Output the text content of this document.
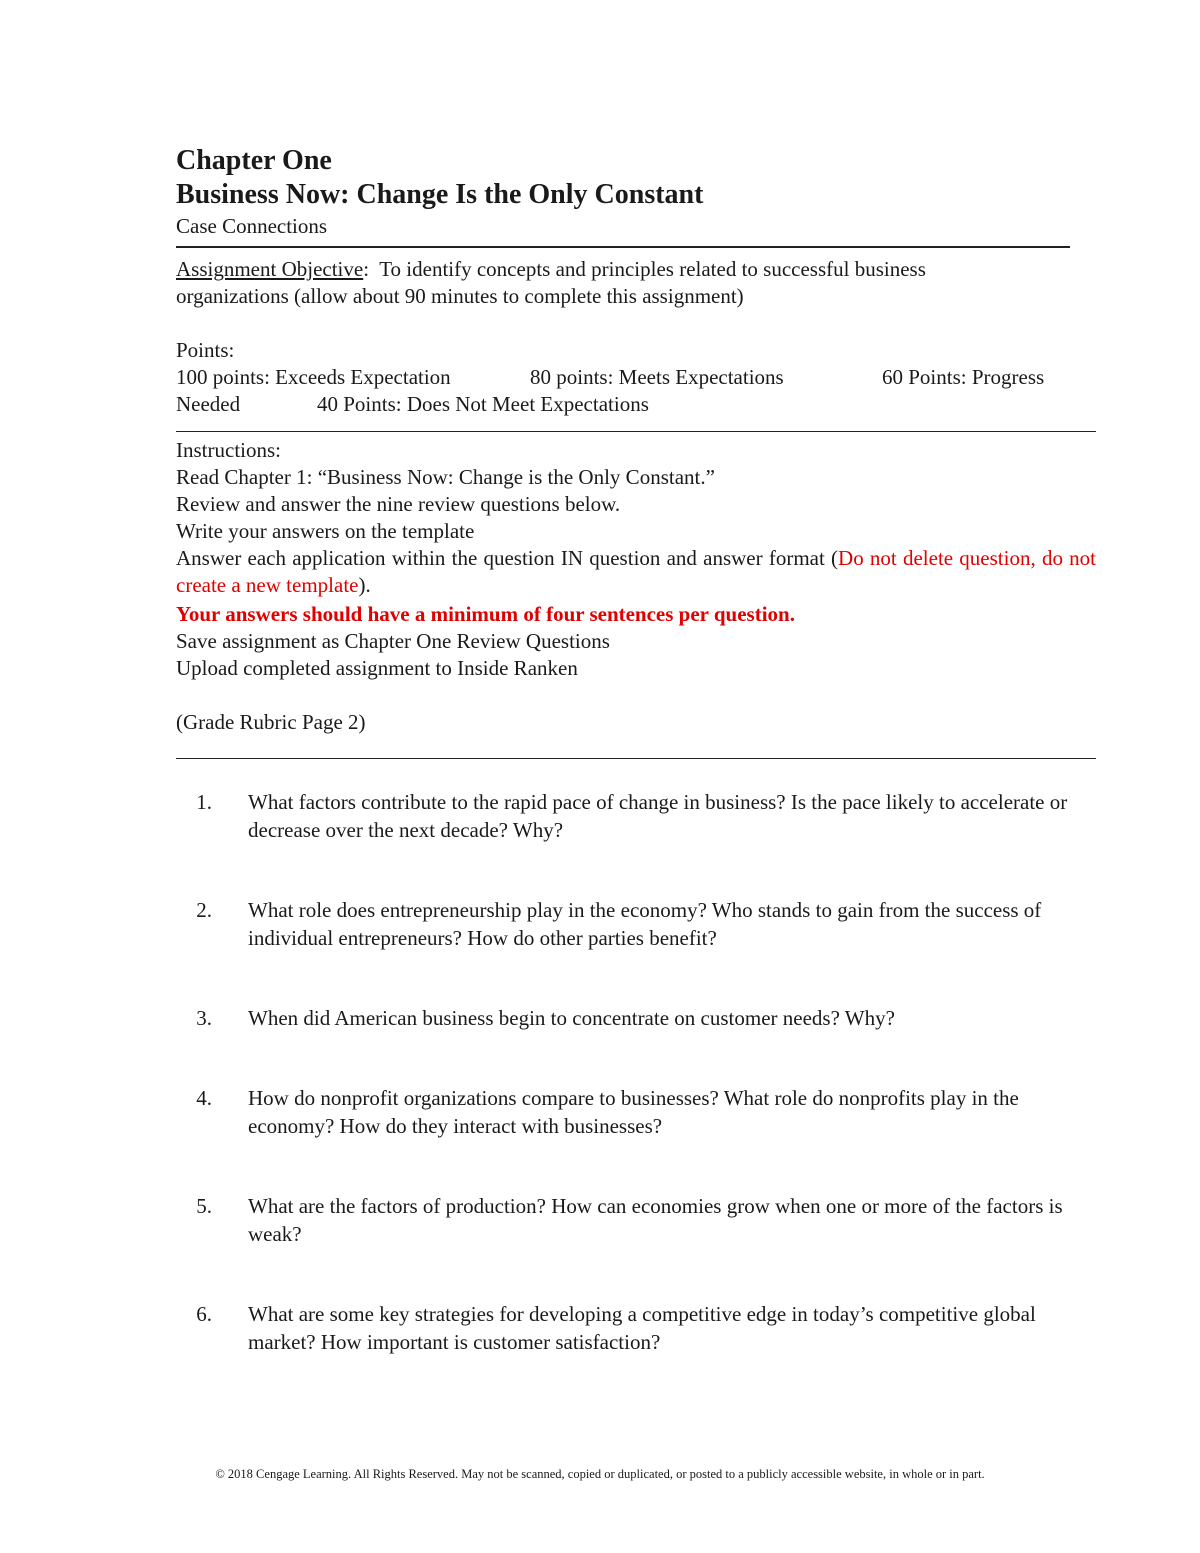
Chapter One

Business Now: Change Is the Only Constant

Case Connections

Assignment Objective: To identify concepts and principles related to successful business

organizations (allow about 90 minutes to complete this assignment)

Points:

100 points: Exceeds Expectation	80 points: Meets Expectations	60 Points: Progress
Needed	40 Points: Does Not Meet Expectations

Instructions:

Read Chapter 1: “Business Now: Change is the Only Constant.”

Review and answer the nine review questions below.

Write your answers on the template

Answer each application within the question IN question and answer format (Do not delete question, do not create a new template).

Your answers should have a minimum of four sentences per question.

Save assignment as Chapter One Review Questions

Upload completed assignment to Inside Ranken

(Grade Rubric Page 2)

1.	What factors contribute to the rapid pace of change in business? Is the pace likely to accelerate or decrease over the next decade? Why?
2.	What role does entrepreneurship play in the economy? Who stands to gain from the success of individual entrepreneurs? How do other parties benefit?
3.	When did American business begin to concentrate on customer needs? Why?
4.	How do nonprofit organizations compare to businesses? What role do nonprofits play in the economy? How do they interact with businesses?
5.	What are the factors of production? How can economies grow when one or more of the factors is weak?
6.	What are some key strategies for developing a competitive edge in today’s competitive global market? How important is customer satisfaction?
© 2018 Cengage Learning. All Rights Reserved. May not be scanned, copied or duplicated, or posted to a publicly accessible website, in whole or in part.
